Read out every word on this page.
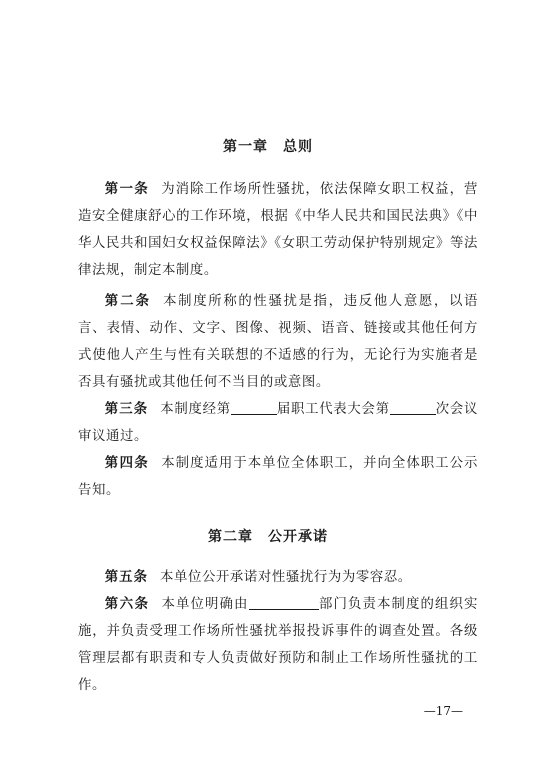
第一章　总则

第一条 为消除工作场所性骚扰，依法保障女职工权益，营造安全健康舒心的工作环境，根据《中华人民共和国民法典》《中华人民共和国妇女权益保障法》《女职工劳动保护特别规定》等法律法规，制定本制度。

第二条 本制度所称的性骚扰是指，违反他人意愿，以语言、表情、动作、文字、图像、视频、语音、链接或其他任何方式使他人产生与性有关联想的不适感的行为，无论行为实施者是否具有骚扰或其他任何不当目的或意图。

第三条 本制度经第	届职工代表大会第	次会议审议通过。

第四条 本制度适用于本单位全体职工，并向全体职工公示告知。

第二章　公开承诺

第五条 本单位公开承诺对性骚扰行为为零容忍。

第六条 本单位明确由	部门负责本制度的组织实施，并负责受理工作场所性骚扰举报投诉事件的调查处置。各级管理层都有职责和专人负责做好预防和制止工作场所性骚扰的工作。

—17—
